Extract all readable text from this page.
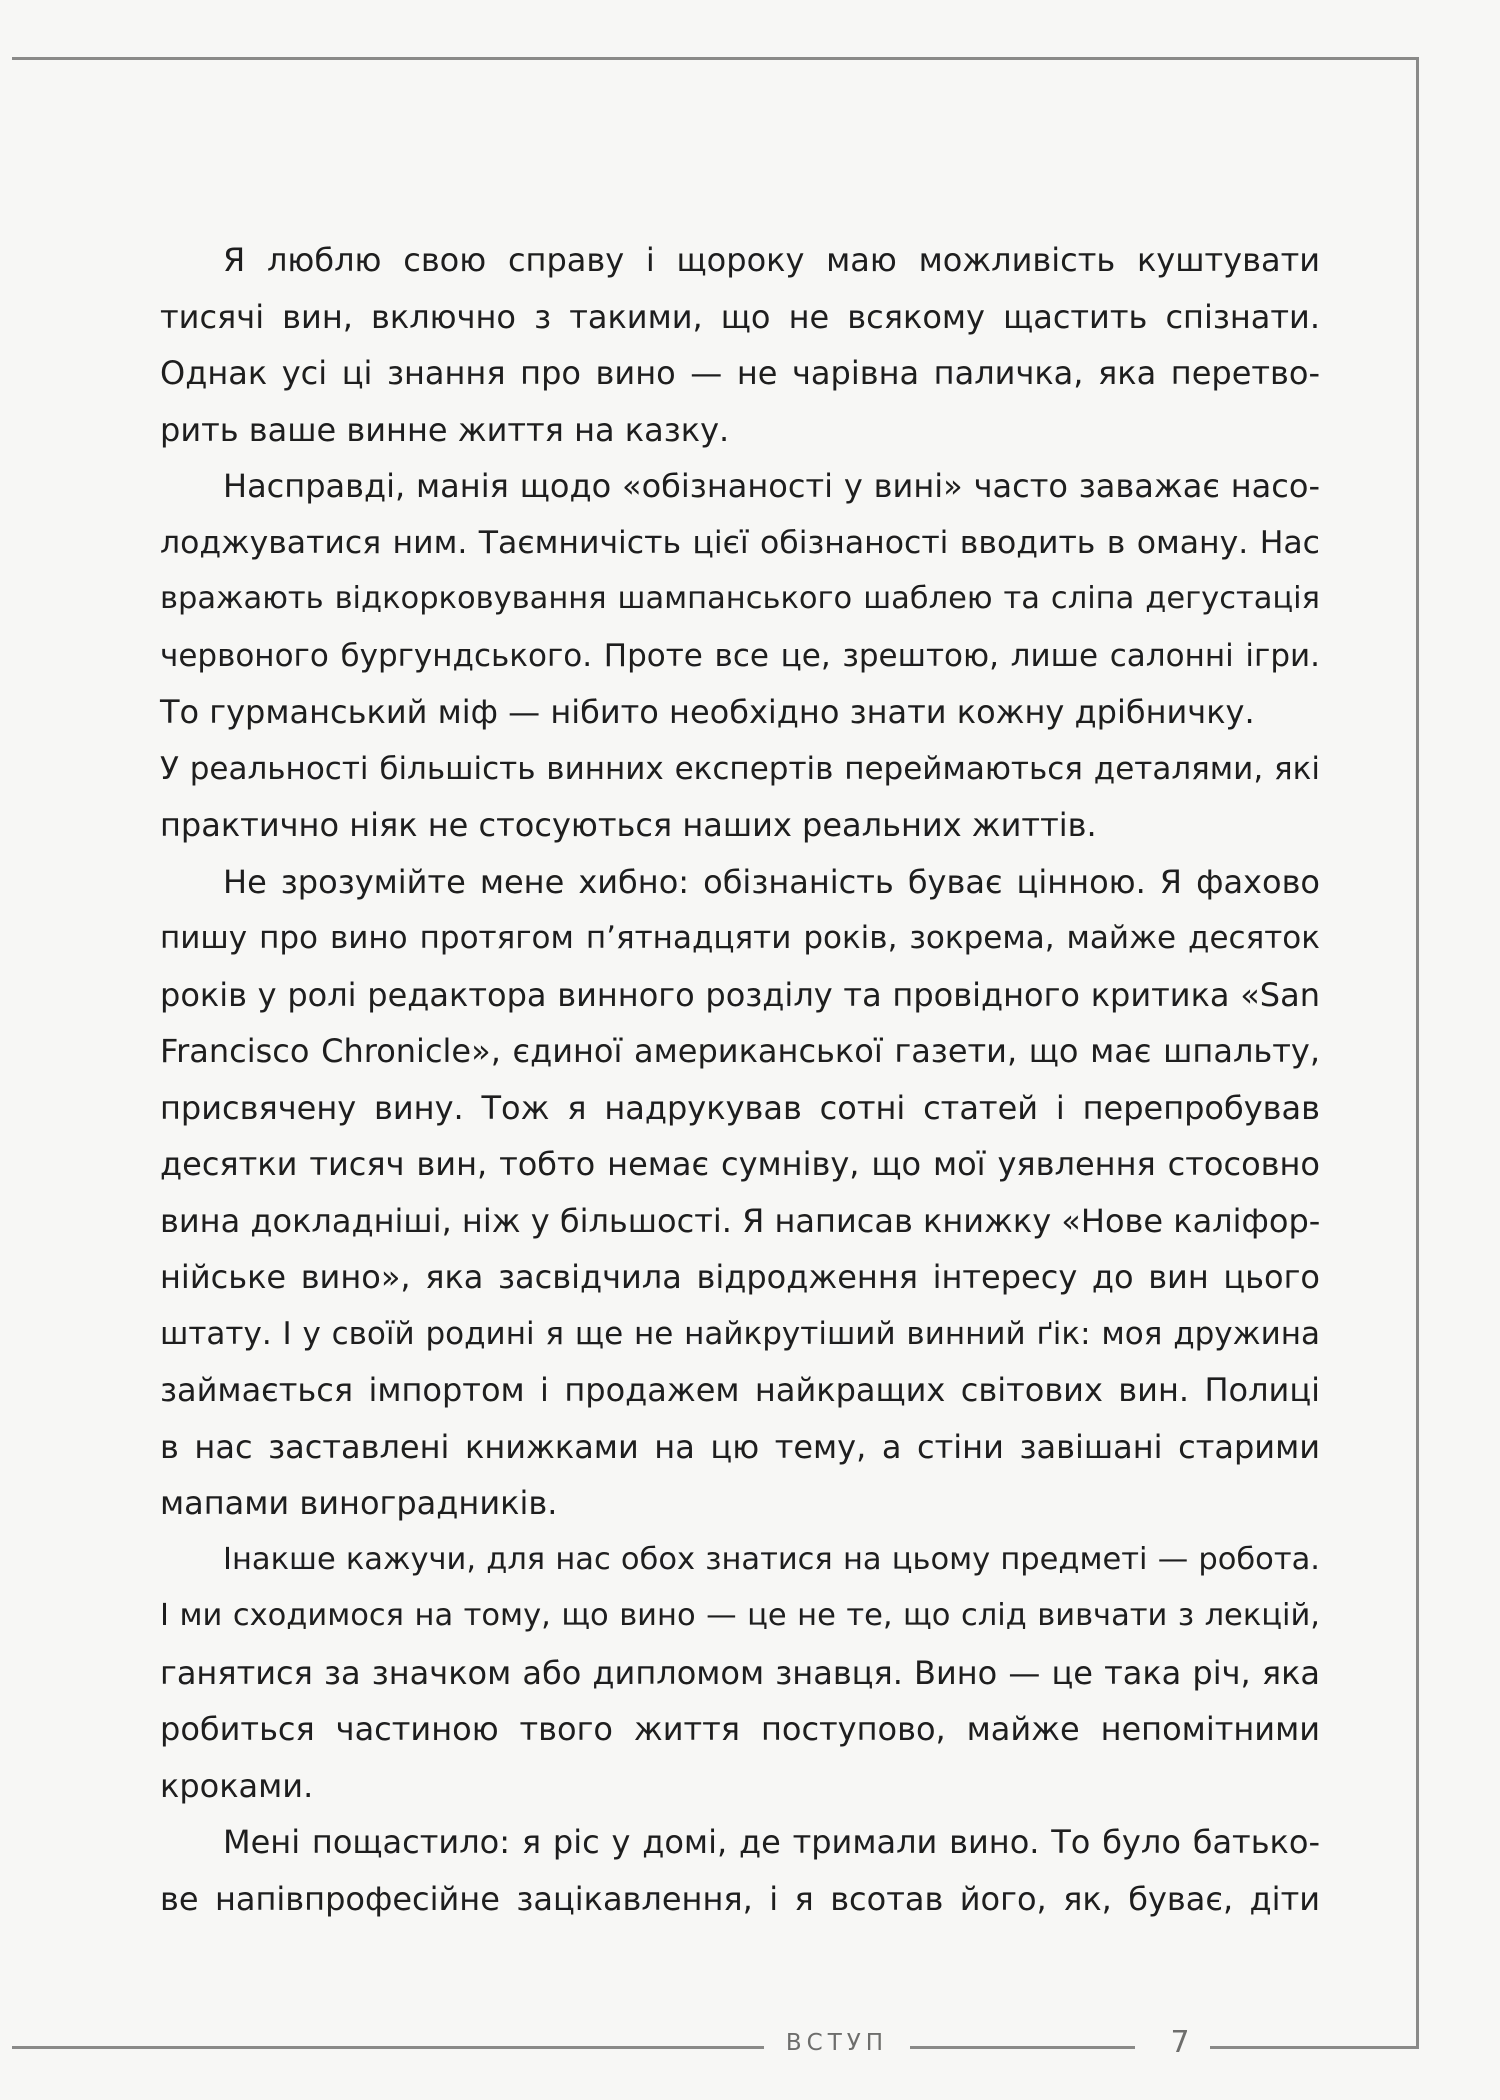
Я люблю свою справу і щороку маю можливість куштувати
тисячі вин, включно з такими, що не всякому щастить спізнати.
Однак усі ці знання про вино — не чарівна паличка, яка перетво-
рить ваше винне життя на казку.
Насправді, манія щодо «обізнаності у вині» часто заважає насо-
лоджуватися ним. Таємничість цієї обізнаності вводить в оману. Нас
вражають відкорковування шампанського шаблею та сліпа дегустація
червоного бургундського. Проте все це, зрештою, лише салонні ігри.
То гурманський міф — нібито необхідно знати кожну дрібничку.
У реальності більшість винних експертів переймаються деталями, які
практично ніяк не стосуються наших реальних життів.
Не зрозумійте мене хибно: обізнаність буває цінною. Я фахово
пишу про вино протягом п’ятнадцяти років, зокрема, майже десяток
років у ролі редактора винного розділу та провідного критика «San
Francisco Chronicle», єдиної американської газети, що має шпальту,
присвячену вину. Тож я надрукував сотні статей і перепробував
десятки тисяч вин, тобто немає сумніву, що мої уявлення стосовно
вина докладніші, ніж у більшості. Я написав книжку «Нове каліфор-
нійське вино», яка засвідчила відродження інтересу до вин цього
штату. І у своїй родині я ще не найкрутіший винний ґік: моя дружина
займається імпортом і продажем найкращих світових вин. Полиці
в нас заставлені книжками на цю тему, а стіни завішані старими
мапами виноградників.
Інакше кажучи, для нас обох знатися на цьому предметі — робота.
І ми сходимося на тому, що вино — це не те, що слід вивчати з лекцій,
ганятися за значком або дипломом знавця. Вино — це така річ, яка
робиться частиною твого життя поступово, майже непомітними
кроками.
Мені пощастило: я ріс у домі, де тримали вино. То було батько-
ве напівпрофесійне зацікавлення, і я всотав його, як, буває, діти
ВСТУП	7
